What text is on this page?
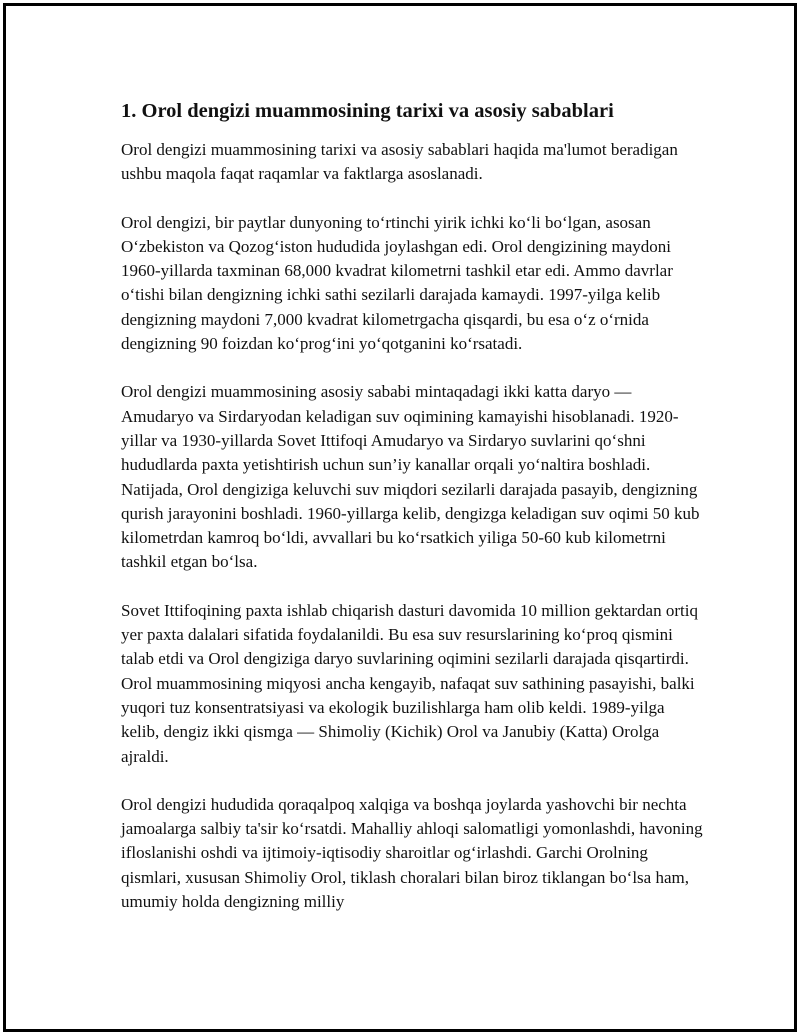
1. Orol dengizi muammosining tarixi va asosiy sabablari

Orol dengizi muammosining tarixi va asosiy sabablari haqida ma'lumot beradigan ushbu maqola faqat raqamlar va faktlarga asoslanadi.

Orol dengizi, bir paytlar dunyoning toʻrtinchi yirik ichki koʻli boʻlgan, asosan Oʻzbekiston va Qozogʻiston hududida joylashgan edi. Orol dengizining maydoni 1960-yillarda taxminan 68,000 kvadrat kilometrni tashkil etar edi. Ammo davrlar oʻtishi bilan dengizning ichki sathi sezilarli darajada kamaydi. 1997-yilga kelib dengizning maydoni 7,000 kvadrat kilometrgacha qisqardi, bu esa oʻz oʻrnida dengizning 90 foizdan koʻprogʻini yoʻqotganini koʻrsatadi.

Orol dengizi muammosining asosiy sababi mintaqadagi ikki katta daryo — Amudaryo va Sirdaryodan keladigan suv oqimining kamayishi hisoblanadi. 1920-yillar va 1930-yillarda Sovet Ittifoqi Amudaryo va Sirdaryo suvlarini qoʻshni hududlarda paxta yetishtirish uchun sun’iy kanallar orqali yoʻnaltira boshladi. Natijada, Orol dengiziga keluvchi suv miqdori sezilarli darajada pasayib, dengizning qurish jarayonini boshladi. 1960-yillarga kelib, dengizga keladigan suv oqimi 50 kub kilometrdan kamroq boʻldi, avvallari bu koʻrsatkich yiliga 50-60 kub kilometrni tashkil etgan boʻlsa.

Sovet Ittifoqining paxta ishlab chiqarish dasturi davomida 10 million gektardan ortiq yer paxta dalalari sifatida foydalanildi. Bu esa suv resurslarining koʻproq qismini talab etdi va Orol dengiziga daryo suvlarining oqimini sezilarli darajada qisqartirdi. Orol muammosining miqyosi ancha kengayib, nafaqat suv sathining pasayishi, balki yuqori tuz konsentratsiyasi va ekologik buzilishlarga ham olib keldi. 1989-yilga kelib, dengiz ikki qismga — Shimoliy (Kichik) Orol va Janubiy (Katta) Orolga ajraldi.

Orol dengizi hududida qoraqalpoq xalqiga va boshqa joylarda yashovchi bir nechta jamoalarga salbiy ta'sir koʻrsatdi. Mahalliy ahloqi salomatligi yomonlashdi, havoning ifloslanishi oshdi va ijtimoiy-iqtisodiy sharoitlar ogʻirlashdi. Garchi Orolning qismlari, xususan Shimoliy Orol, tiklash choralari bilan biroz tiklangan boʻlsa ham, umumiy holda dengizning milliy
